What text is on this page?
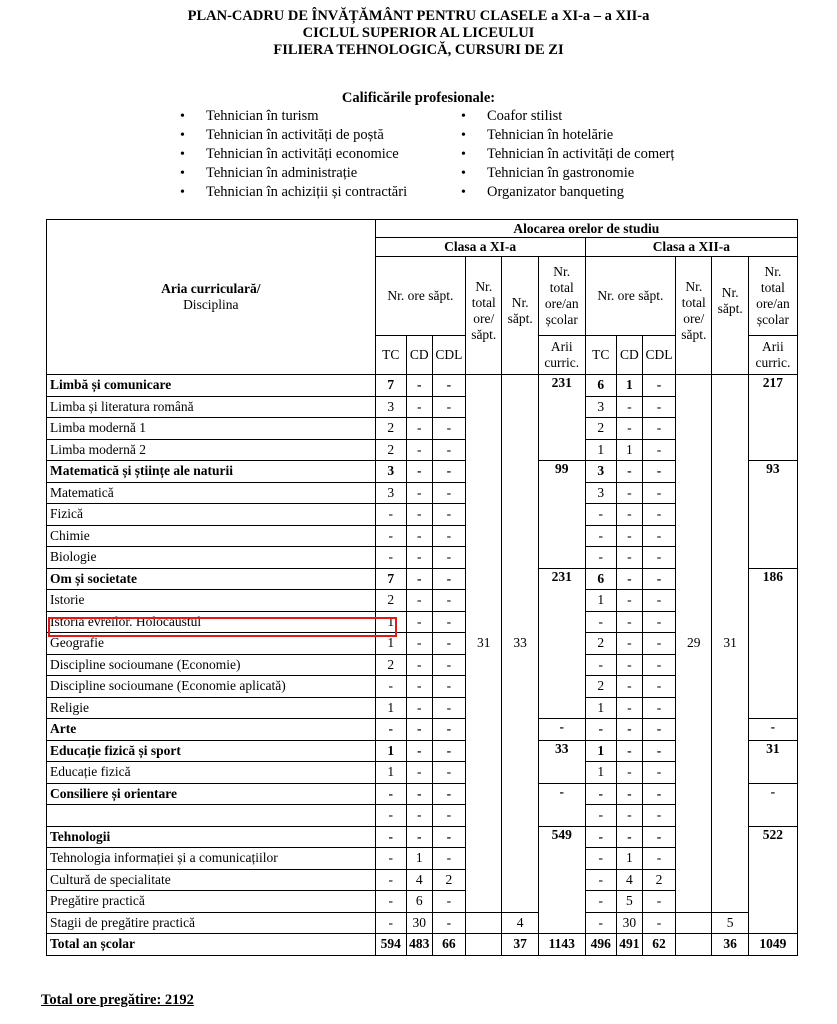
PLAN-CADRU DE ÎNVĂȚĂMÂNT PENTRU CLASELE a XI-a – a XII-a
CICLUL SUPERIOR AL LICEULUI
FILIERA TEHNOLOGICĂ, CURSURI DE ZI
Calificările profesionale:
• Tehnician în turism
• Tehnician în activități de poștă
• Tehnician în activități economice
• Tehnician în administrație
• Tehnician în achiziții și contractări
• Coafor stilist
• Tehnician în hotelărie
• Tehnician în activități de comerț
• Tehnician în gastronomie
• Organizator banqueting
Aria curriculară/
Disciplina	Alocarea orelor de studiu											
	Clasa a XI-a						Clasa a XII-a					
	Nr. ore săpt.			Nr. total ore/ săpt.	Nr. săpt.	Nr. total ore/an școlar	Nr. ore săpt.			Nr. total ore/ săpt.	Nr. săpt.	Nr. total ore/an școlar
	TC	CD	CDL			Arii curric.	TC	CD	CDL			Arii curric.
Limbă și comunicare	7	-	-	31	33	231	6	1	-	29	31	217
Limba și literatura română	3	-	-				3	-	-			
Limba modernă 1	2	-	-				2	-	-			
Limba modernă 2	2	-	-				1	1	-			
Matematică și științe ale naturii	3	-	-			99	3	-	-			93
Matematică	3	-	-				3	-	-			
Fizică	-	-	-				-	-	-			
Chimie	-	-	-				-	-	-			
Biologie	-	-	-				-	-	-			
Om și societate	7	-	-			231	6	-	-			186
Istorie	2	-	-				1	-	-			
Istoria evreilor. Holocaustul	1	-	-				-	-	-			
Geografie	1	-	-				2	-	-			
Discipline socioumane (Economie)	2	-	-				-	-	-			
Discipline socioumane (Economie aplicată)	-	-	-				2	-	-			
Religie	1	-	-				1	-	-			
Arte	-	-	-			-	-	-	-			-
Educație fizică și sport	1	-	-			33	1	-	-			31
Educație fizică	1	-	-				1	-	-			
Consiliere și orientare	-	-	-			-	-	-	-			-
	-	-	-				-	-	-			
Tehnologii	-	-	-			549	-	-	-			522
Tehnologia informației și a comunicațiilor	-	1	-				-	1	-			
Cultură de specialitate	-	4	2				-	4	2			
Pregătire practică	-	6	-				-	5	-			
Stagii de pregătire practică	-	30	-		4		-	30	-		5	
Total an școlar	594	483	66		37	1143	496	491	62		36	1049
Total ore pregătire: 2192
